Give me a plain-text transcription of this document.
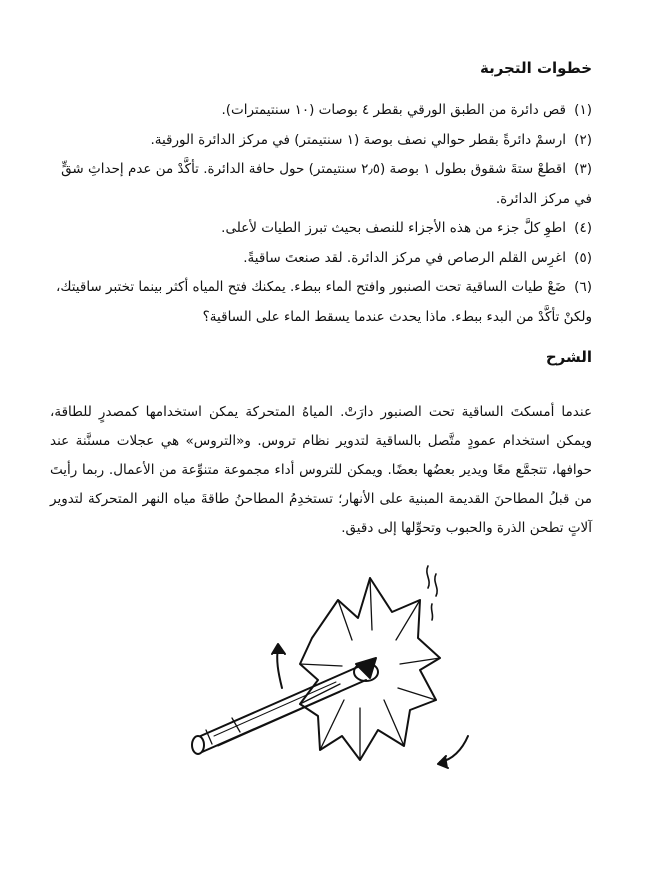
خطوات التجربة
(١)قص دائرة من الطبق الورقي بقطر ٤ بوصات (١٠ سنتيمترات).
(٢)ارسمْ دائرةً بقطر حوالي نصف بوصة (١ سنتيمتر) في مركز الدائرة الورقية.
(٣)اقطعْ ستةَ شقوق بطول ١ بوصة (٢٫٥ سنتيمتر) حول حافة الدائرة. تأكَّدْ من عدم إحداثِ شقٍّ في مركز الدائرة.
(٤)اطوِ كلَّ جزء من هذه الأجزاء للنصف بحيث تبرز الطيات لأعلى.
(٥)اغرِس القلم الرصاص في مركز الدائرة. لقد صنعتَ ساقيةً.
(٦)ضَعْ طيات الساقية تحت الصنبور وافتح الماء ببطء. يمكنك فتح المياه أكثر بينما تختبر ساقيتك، ولكنْ تأكَّدْ من البدء ببطء. ماذا يحدث عندما يسقط الماء على الساقية؟
الشرح

عندما أمسكتَ الساقية تحت الصنبور دارَتْ. المياهُ المتحركة يمكن استخدامها كمصدرٍ للطاقة، ويمكن استخدام عمودٍ متَّصل بالساقية لتدوير نظام تروس. و«التروس» هي عجلات مسنَّنة عند حوافها، تتجمَّع معًا ويدير بعضُها بعضًا. ويمكن للتروس أداء مجموعة متنوِّعة من الأعمال. ربما رأيتَ من قبلُ المطاحنَ القديمة المبنية على الأنهار؛ تستخدِمُ المطاحنُ طاقةَ مياه النهر المتحركة لتدوير آلاتٍ تطحن الذرة والحبوب وتحوِّلها إلى دقيق.
